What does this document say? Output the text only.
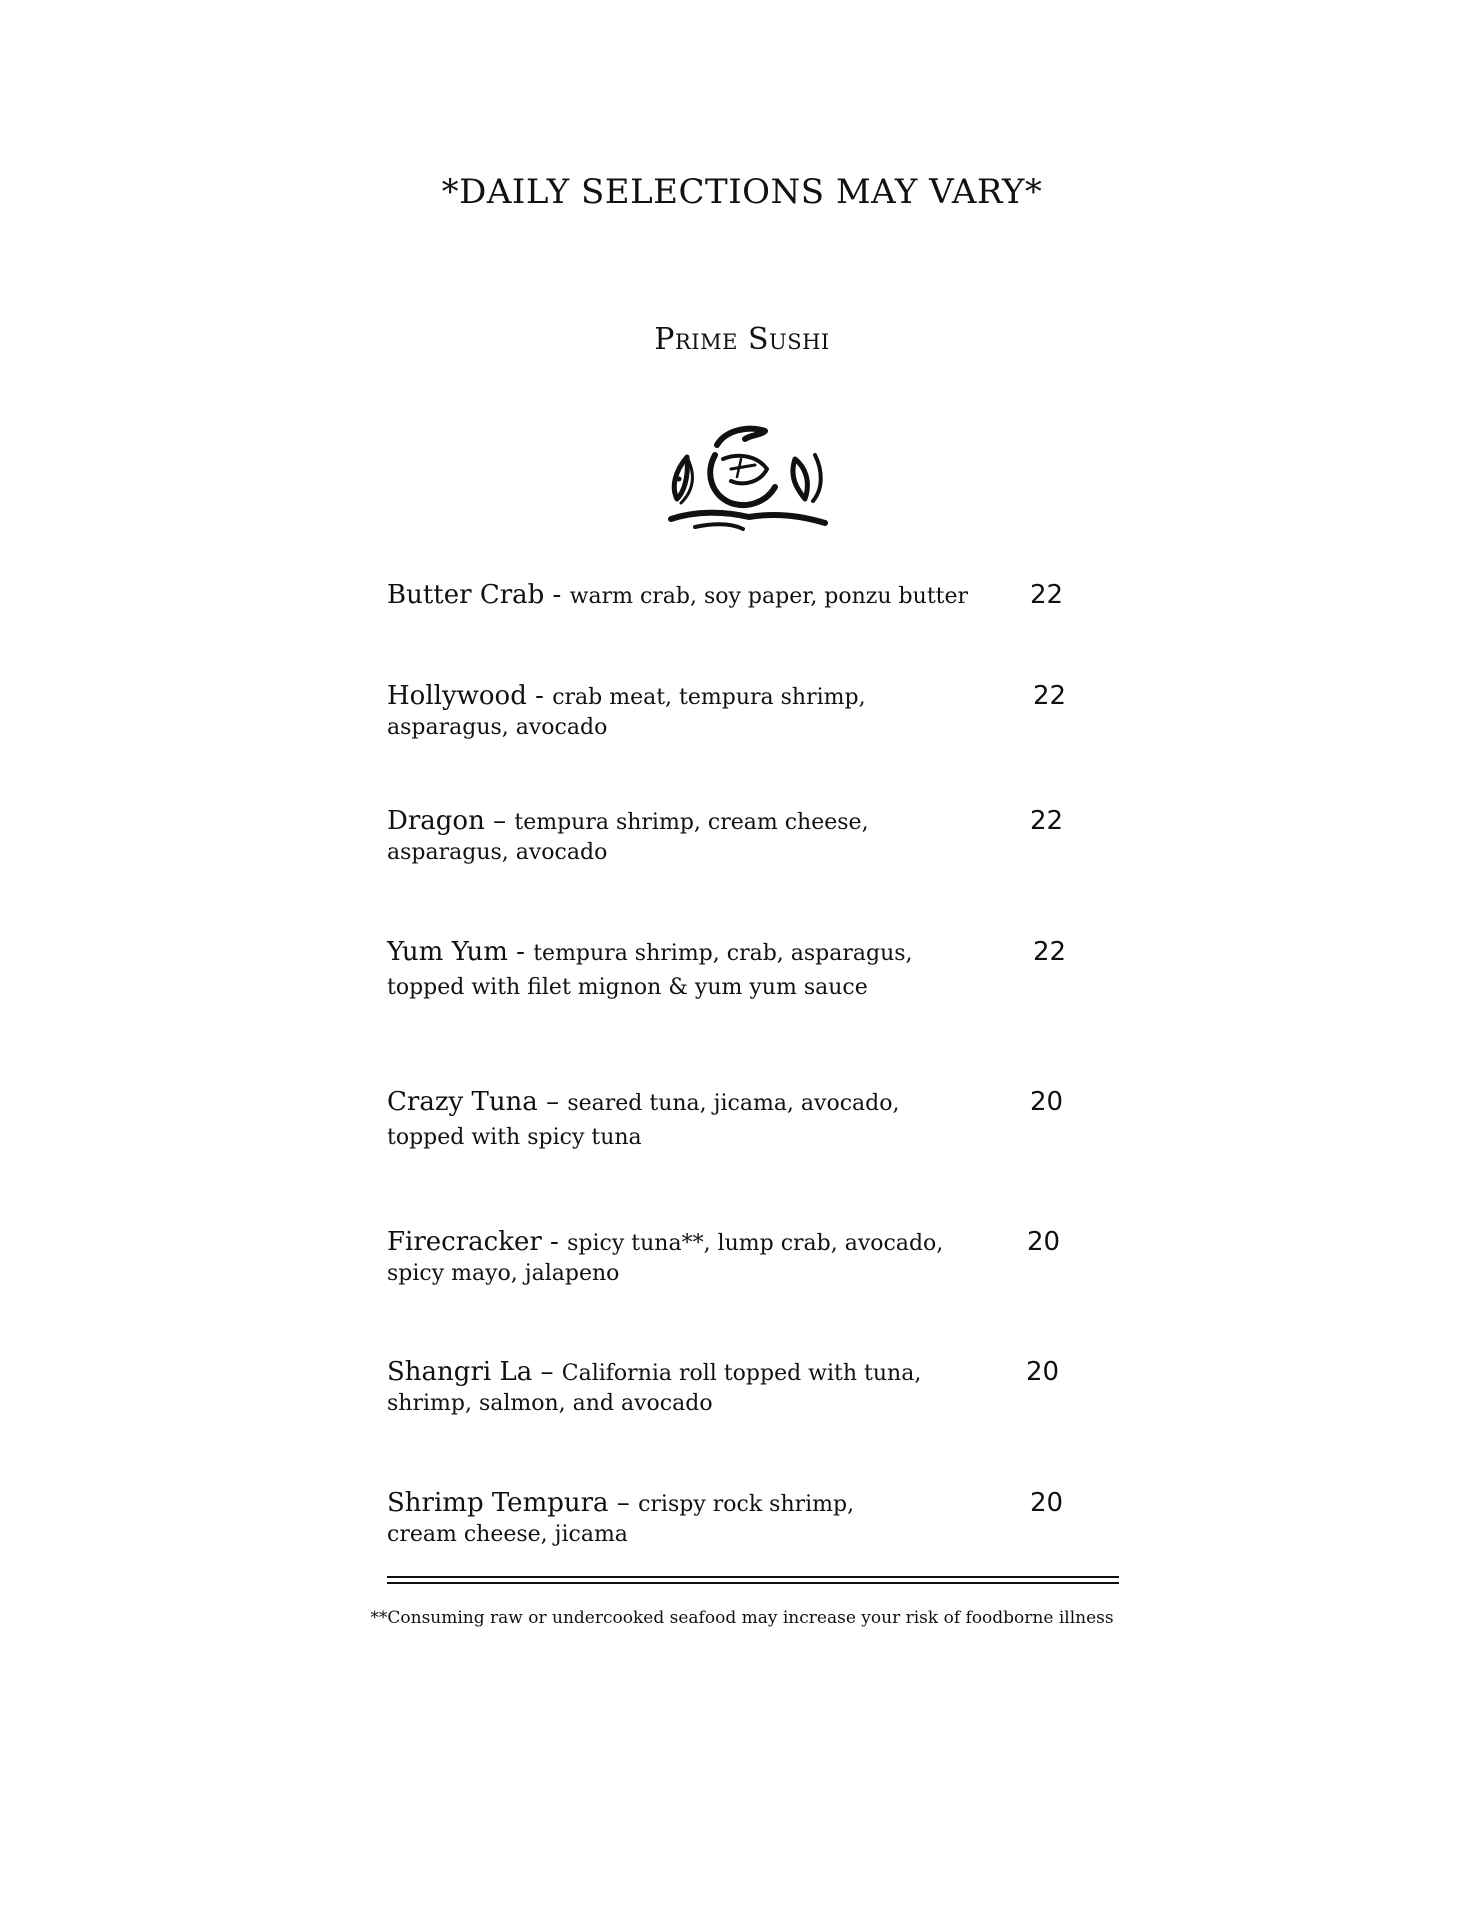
*DAILY SELECTIONS MAY VARY*
Prime Sushi
Butter Crab - warm crab, soy paper, ponzu butter	22
Hollywood - crab meat, tempura shrimp,
asparagus, avocado
22
Dragon – tempura shrimp, cream cheese,
asparagus, avocado
22
Yum Yum - tempura shrimp, crab, asparagus,
topped with filet mignon & yum yum sauce
22
Crazy Tuna – seared tuna, jicama, avocado,
topped with spicy tuna
20
Firecracker - spicy tuna**, lump crab, avocado,
spicy mayo, jalapeno
20
Shangri La – California roll topped with tuna,
shrimp, salmon, and avocado
20
Shrimp Tempura – crispy rock shrimp,
cream cheese, jicama
20
**Consuming raw or undercooked seafood may increase your risk of foodborne illness
